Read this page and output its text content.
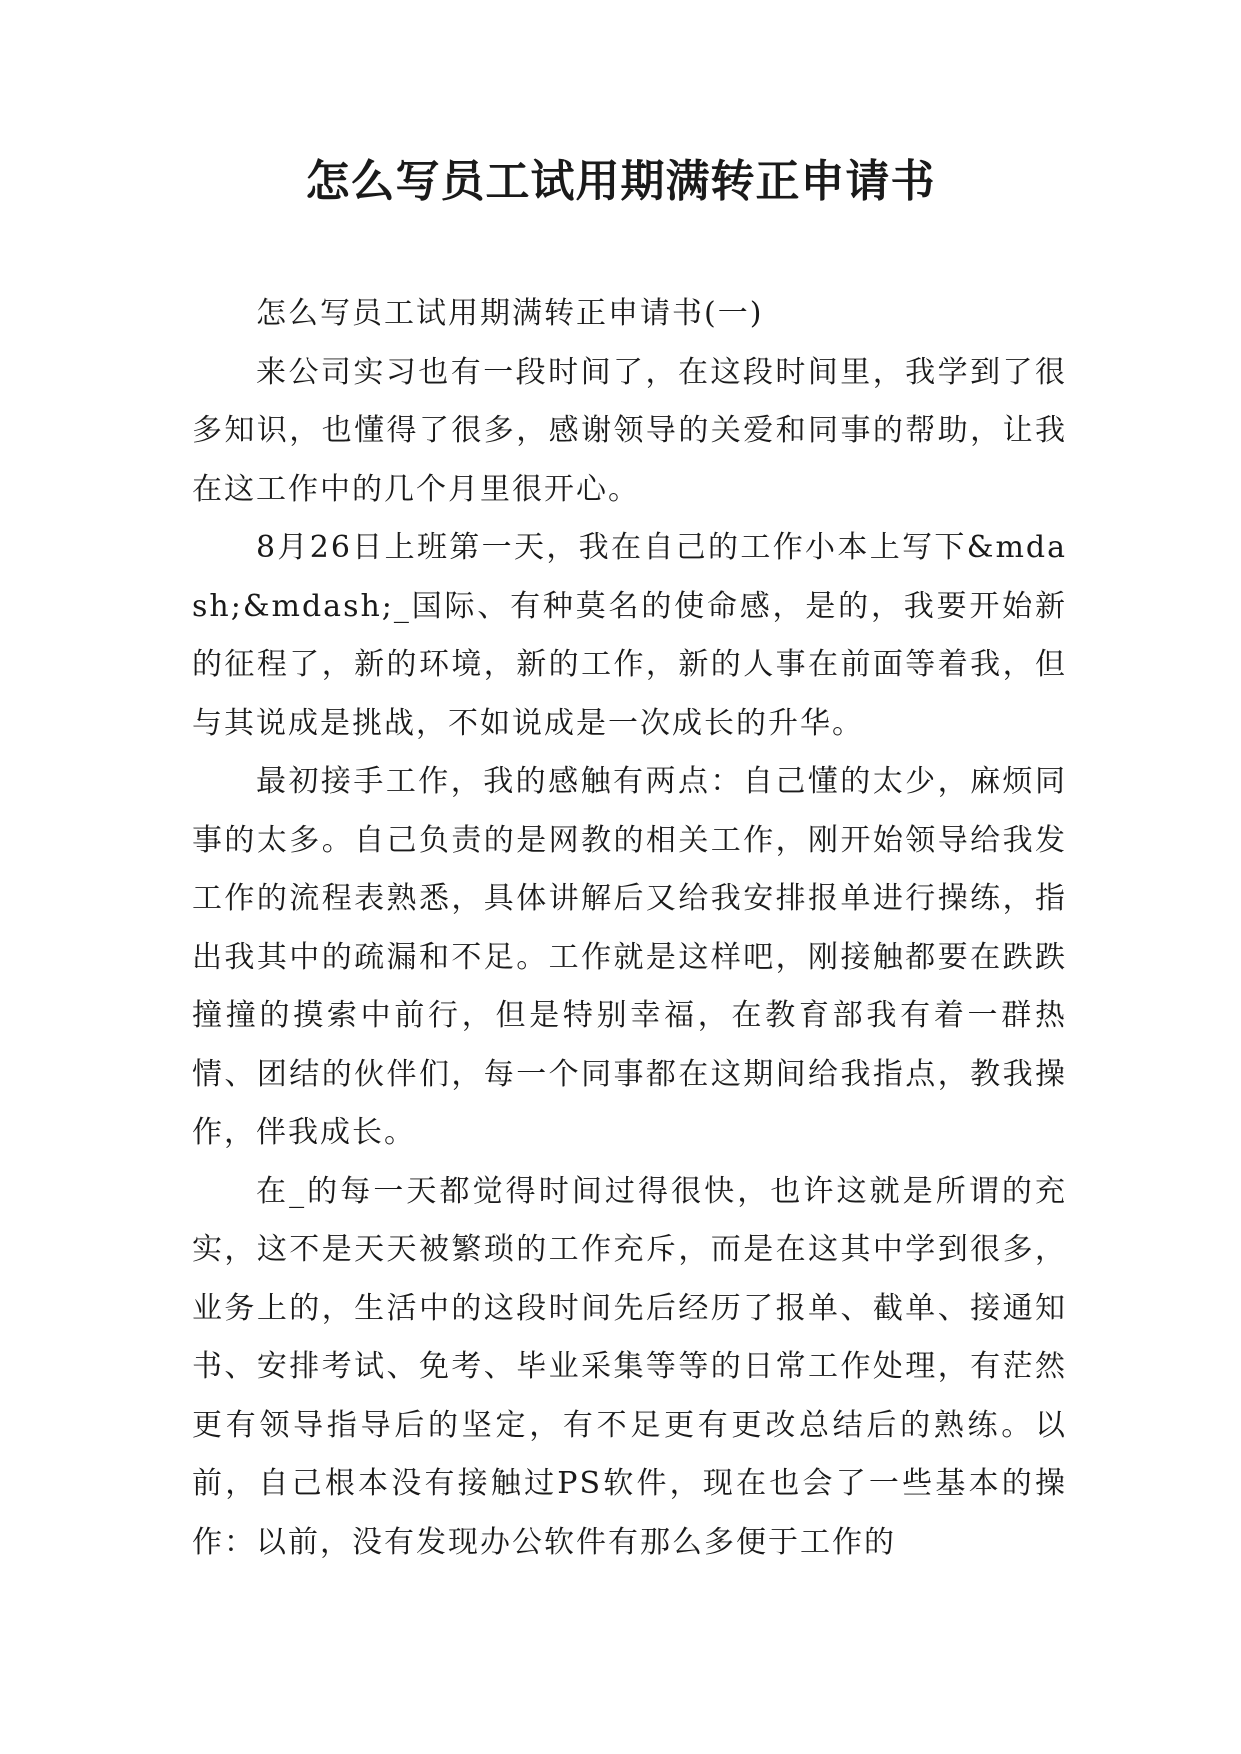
怎么写员工试用期满转正申请书

怎么写员工试用期满转正申请书(一)

来公司实习也有一段时间了，在这段时间里，我学到了很多知识，也懂得了很多，感谢领导的关爱和同事的帮助，让我在这工作中的几个月里很开心。

8月26日上班第一天，我在自己的工作小本上写下&mdash;&mdash;_国际、有种莫名的使命感，是的，我要开始新的征程了，新的环境，新的工作，新的人事在前面等着我，但与其说成是挑战，不如说成是一次成长的升华。

最初接手工作，我的感触有两点：自己懂的太少，麻烦同事的太多。自己负责的是网教的相关工作，刚开始领导给我发工作的流程表熟悉，具体讲解后又给我安排报单进行操练，指出我其中的疏漏和不足。工作就是这样吧，刚接触都要在跌跌撞撞的摸索中前行，但是特别幸福，在教育部我有着一群热情、团结的伙伴们，每一个同事都在这期间给我指点，教我操作，伴我成长。

在_的每一天都觉得时间过得很快，也许这就是所谓的充实，这不是天天被繁琐的工作充斥，而是在这其中学到很多，业务上的，生活中的这段时间先后经历了报单、截单、接通知书、安排考试、免考、毕业采集等等的日常工作处理，有茫然更有领导指导后的坚定，有不足更有更改总结后的熟练。以前，自己根本没有接触过PS软件，现在也会了一些基本的操作：以前，没有发现办公软件有那么多便于工作的
